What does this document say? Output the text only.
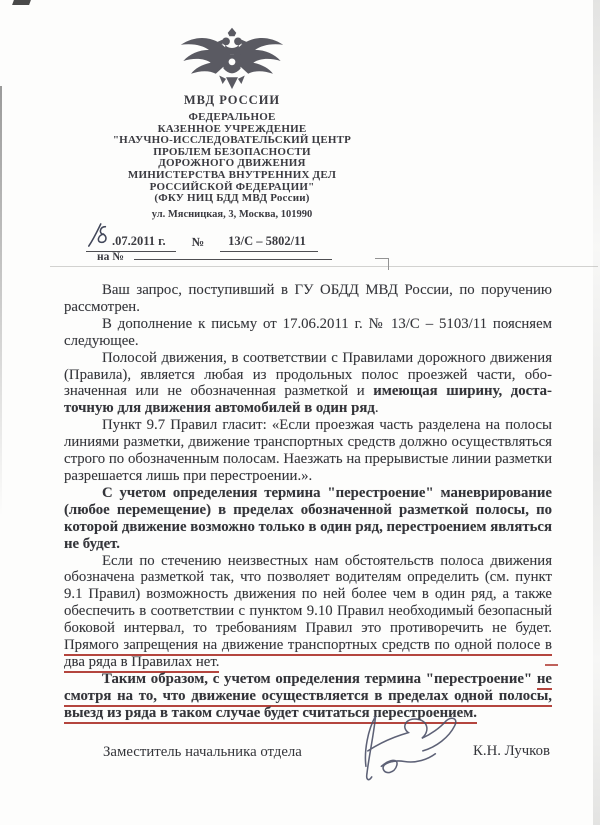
МВД РОССИИ
ФЕДЕРАЛЬНОЕ
КАЗЕННОЕ УЧРЕЖДЕНИЕ
"НАУЧНО-ИССЛЕДОВАТЕЛЬСКИЙ ЦЕНТР
ПРОБЛЕМ БЕЗОПАСНОСТИ
ДОРОЖНОГО ДВИЖЕНИЯ
МИНИСТЕРСТВА ВНУТРЕННИХ ДЕЛ
РОССИЙСКОЙ ФЕДЕРАЦИИ"
(ФКУ НИЦ БДД МВД России)
ул. Мясницкая, 3, Москва, 101990
.07.2011 г. №	13/С – 5802/11
на №

Ваш запрос, поступивший в ГУ ОБДД МВД России, по поручению рассмотрен.

В дополнение к письму от 17.06.2011 г. № 13/С – 5103/11 поясняем следующее.

Полосой движения, в соответствии с Правилами дорожного движения (Правила), является любая из продольных полос проезжей части, обозначенная или не обозначенная разметкой и имеющая ширину, достаточную для движения автомобилей в один ряд.

Пункт 9.7 Правил гласит: «Если проезжая часть разделена на полосы линиями разметки, движение транспортных средств должно осуществляться строго по обозначенным полосам. Наезжать на прерывистые линии разметки разрешается лишь при перестроении.».

С учетом определения термина "перестроение" маневрирование (любое перемещение) в пределах обозначенной разметкой полосы, по которой движение возможно только в один ряд, перестроением являться не будет.

Если по стечению неизвестных нам обстоятельств полоса движения обозначена разметкой так, что позволяет водителям определить (см. пункт 9.1 Правил) возможность движения по ней более чем в один ряд, а также обеспечить в соответствии с пунктом 9.10 Правил необходимый безопасный боковой интервал, то требованиям Правил это противоречить не будет. Прямого запрещения на движение транспортных средств по одной полосе в два ряда в Правилах нет.

Таким образом, с учетом определения термина "перестроение" не смотря на то, что движение осуществляется в пределах одной полосы, выезд из ряда в таком случае будет считаться перестроением.

Заместитель начальника отдела	К.Н. Лучков
